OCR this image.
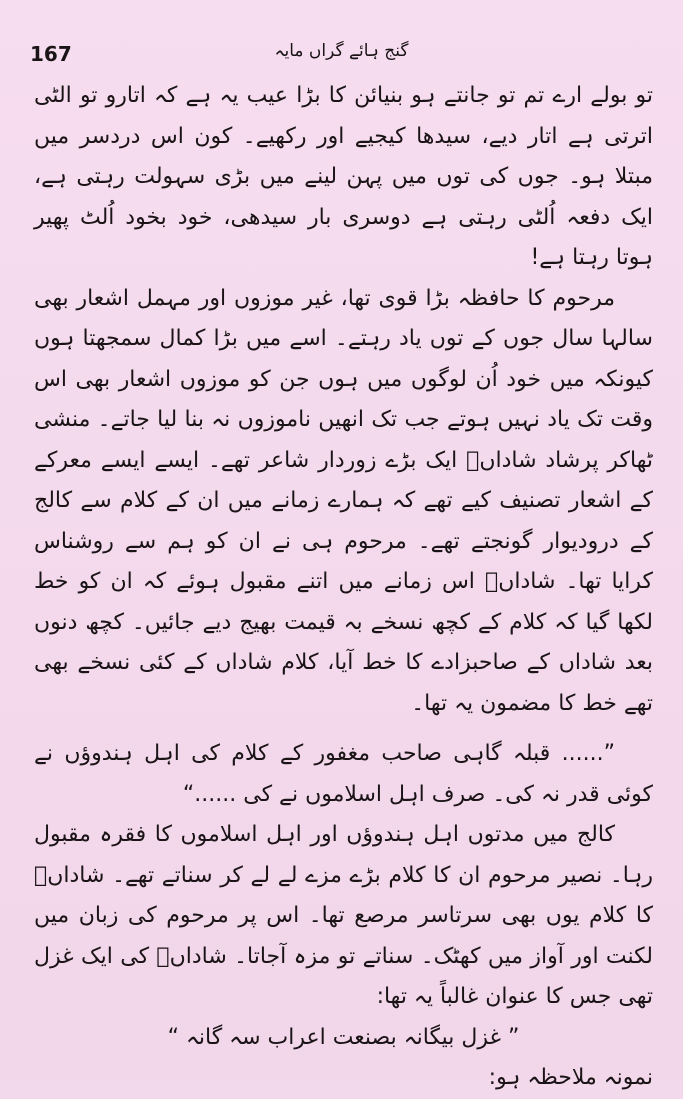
167	گنج ہائے گراں مایہ

تو بولے ارے تم تو جانتے ہو بنیائن کا بڑا عیب یہ ہے کہ اتارو تو الٹی اترتی ہے اتار دیے، سیدھا کیجیے اور رکھیے۔ کون اس دردسر میں مبتلا ہو۔ جوں کی توں میں پہن لینے میں بڑی سہولت رہتی ہے، ایک دفعہ اُلٹی رہتی ہے دوسری بار سیدھی، خود بخود اُلٹ پھیر ہوتا رہتا ہے!

مرحوم کا حافظہ بڑا قوی تھا، غیر موزوں اور مہمل اشعار بھی سالہا سال جوں کے توں یاد رہتے۔ اسے میں بڑا کمال سمجھتا ہوں کیونکہ میں خود اُن لوگوں میں ہوں جن کو موزوں اشعار بھی اس وقت تک یاد نہیں ہوتے جب تک انھیں ناموزوں نہ بنا لیا جاتے۔ منشی ٹھاکر پرشاد شاداںؔ ایک بڑے زوردار شاعر تھے۔ ایسے ایسے معرکے کے اشعار تصنیف کیے تھے کہ ہمارے زمانے میں ان کے کلام سے کالج کے درودیوار گونجتے تھے۔ مرحوم ہی نے ان کو ہم سے روشناس کرایا تھا۔ شاداںؔ اس زمانے میں اتنے مقبول ہوئے کہ ان کو خط لکھا گیا کہ کلام کے کچھ نسخے بہ قیمت بھیج دیے جائیں۔ کچھ دنوں بعد شاداں کے صاحبزادے کا خط آیا، کلام شاداں کے کئی نسخے بھی تھے خط کا مضمون یہ تھا۔

”...... قبلہ گاہی صاحب مغفور کے کلام کی اہل ہندوؤں نے کوئی قدر نہ کی۔ صرف اہل اسلاموں نے کی ......“

کالج میں مدتوں اہل ہندوؤں اور اہل اسلاموں کا فقرہ مقبول رہا۔ نصیر مرحوم ان کا کلام بڑے مزے لے لے کر سناتے تھے۔ شاداںؔ کا کلام یوں بھی سرتاسر مرصع تھا۔ اس پر مرحوم کی زبان میں لکنت اور آواز میں کھٹک۔ سناتے تو مزہ آجاتا۔ شاداںؔ کی ایک غزل تھی جس کا عنوان غالباً یہ تھا:

” غزل بیگانہ بصنعت اعراب سہ گانہ “

نمونہ ملاحظہ ہو:
